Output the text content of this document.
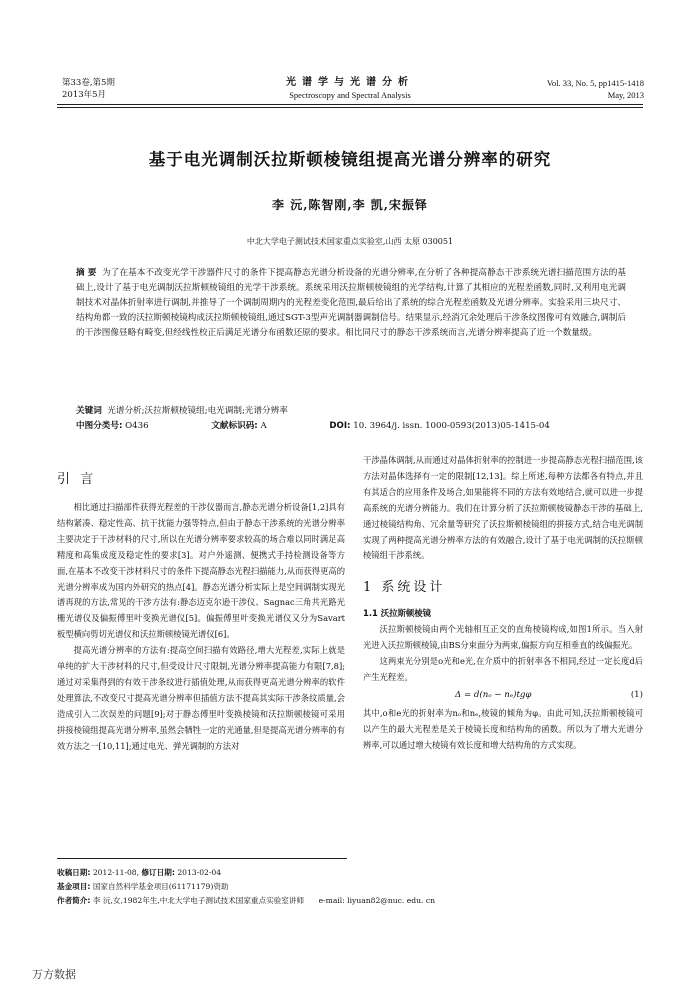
第33卷,第5期
2013年5月
光谱学与光谱分析
Spectroscopy and Spectral Analysis
Vol. 33, No. 5, pp1415-1418
May, 2013
基于电光调制沃拉斯顿棱镜组提高光谱分辨率的研究
李 沅,陈智刚,李 凯,宋振铎
中北大学电子测试技术国家重点实验室,山西 太原 030051
摘 要 为了在基本不改变光学干涉器件尺寸的条件下提高静态光谱分析设备的光谱分辨率,在分析了各种提高静态干涉系统光谱扫描范围方法的基础上,设计了基于电光调制沃拉斯顿棱镜组的光学干涉系统。系统采用沃拉斯顿棱镜组的光学结构,计算了其相应的光程差函数,同时,又利用电光调制技术对晶体折射率进行调制,并推导了一个调制周期内的光程差变化范围,最后给出了系统的综合光程差函数及光谱分辨率。实验采用三块尺寸、结构角都一致的沃拉斯顿棱镜构成沃拉斯顿棱镜组,通过SGT-3型声光调制器调制信号。结果显示,经消冗余处理后干涉条纹图像可有效融合,调制后的干涉图像昼略有畸变,但经线性校正后满足光谱分布函数还原的要求。相比同尺寸的静态干涉系统而言,光谱分辨率提高了近一个数量级。
关键词 光谱分析;沃拉斯顿棱镜组;电光调制;光谱分辨率
中图分类号: O436	文献标识码: A	DOI: 10. 3964/j. issn. 1000-0593(2013)05-1415-04
引 言

相比通过扫描部件获得光程差的干涉仪器而言,静态光谱分析设备[1,2]具有结构紧凑、稳定性高、抗干扰能力强等特点,但由于静态干涉系统的光谱分辨率主要决定于干涉材料的尺寸,所以在光谱分辨率要求较高的场合难以同时满足高精度和高集成度及稳定性的要求[3]。对户外遥测、便携式手持检测设备等方面,在基本不改变干涉材料尺寸的条件下提高静态光程扫描能力,从而获得更高的光谱分辨率成为国内外研究的热点[4]。静态光谱分析实际上是空间调制实现光谱再现的方法,常见的干涉方法有:静态迈克尔逊干涉仪、Sagnac三角共光路光栅光谱仪及偏振傅里叶变换光谱仪[5]。偏振傅里叶变换光谱仪又分为Savart板型横向剪切光谱仪和沃拉斯顿棱镜光谱仪[6]。

提高光谱分辨率的方法有:提高空间扫描有效路径,增大光程差,实际上就是单纯的扩大干涉材料的尺寸,但受设计尺寸限制,光谱分辨率提高能力有限[7,8];通过对采集得到的有效干涉条纹进行插值处理,从而获得更高光谱分辨率的软件处理算法,不改变尺寸提高光谱分辨率但插值方法不提高其实际干涉条纹质量,会造成引入二次误差的问题[9];对于静态傅里叶变换棱镜和沃拉斯顿棱镜可采用拼接棱镜组提高光谱分辨率,虽然会牺牲一定的光通量,但是提高光谱分辨率的有效方法之一[10,11];通过电光、弹光调制的方法对

干涉晶体调制,从而通过对晶体折射率的控制进一步提高静态光程扫描范围,该方法对晶体选择有一定的限制[12,13]。综上所述,每种方法都各有特点,并且有其适合的应用条件及场合,如果能将不同的方法有效地结合,就可以进一步提高系统的光谱分辨能力。我们在计算分析了沃拉斯顿棱镜静态干涉的基础上,通过棱镜结构角、冗余量等研究了沃拉斯顿棱镜组的拼接方式,结合电光调制实现了两种提高光谱分辨率方法的有效融合,设计了基于电光调制的沃拉斯顿棱镜组干涉系统。

1 系统设计
1.1 沃拉斯顿棱镜

沃拉斯顿棱镜由两个光轴相互正交的直角棱镜构成,如图1所示。当入射光进入沃拉斯顿棱镜,由BS分束面分为两束,偏振方向互相垂直的线偏振光。

这两束光分别是o光和e光,在介质中的折射率各不相同,经过一定长度d后产生光程差。

Δ = d(nₒ − nₑ)tgφ	(1)

其中,o和e光的折射率为nₒ和nₑ,棱镜的倾角为φ。由此可知,沃拉斯顿棱镜可以产生的最大光程差是关于棱镜长度和结构角的函数。所以为了增大光谱分辨率,可以通过增大棱镜有效长度和增大结构角的方式实现。

收稿日期: 2012-11-08, 修订日期: 2013-02-04
基金项目: 国家自然科学基金项目(61171179)资助
作者简介: 李 沅,女,1982年生,中北大学电子测试技术国家重点实验室讲师 e-mail: liyuan82@nuc. edu. cn
万方数据
